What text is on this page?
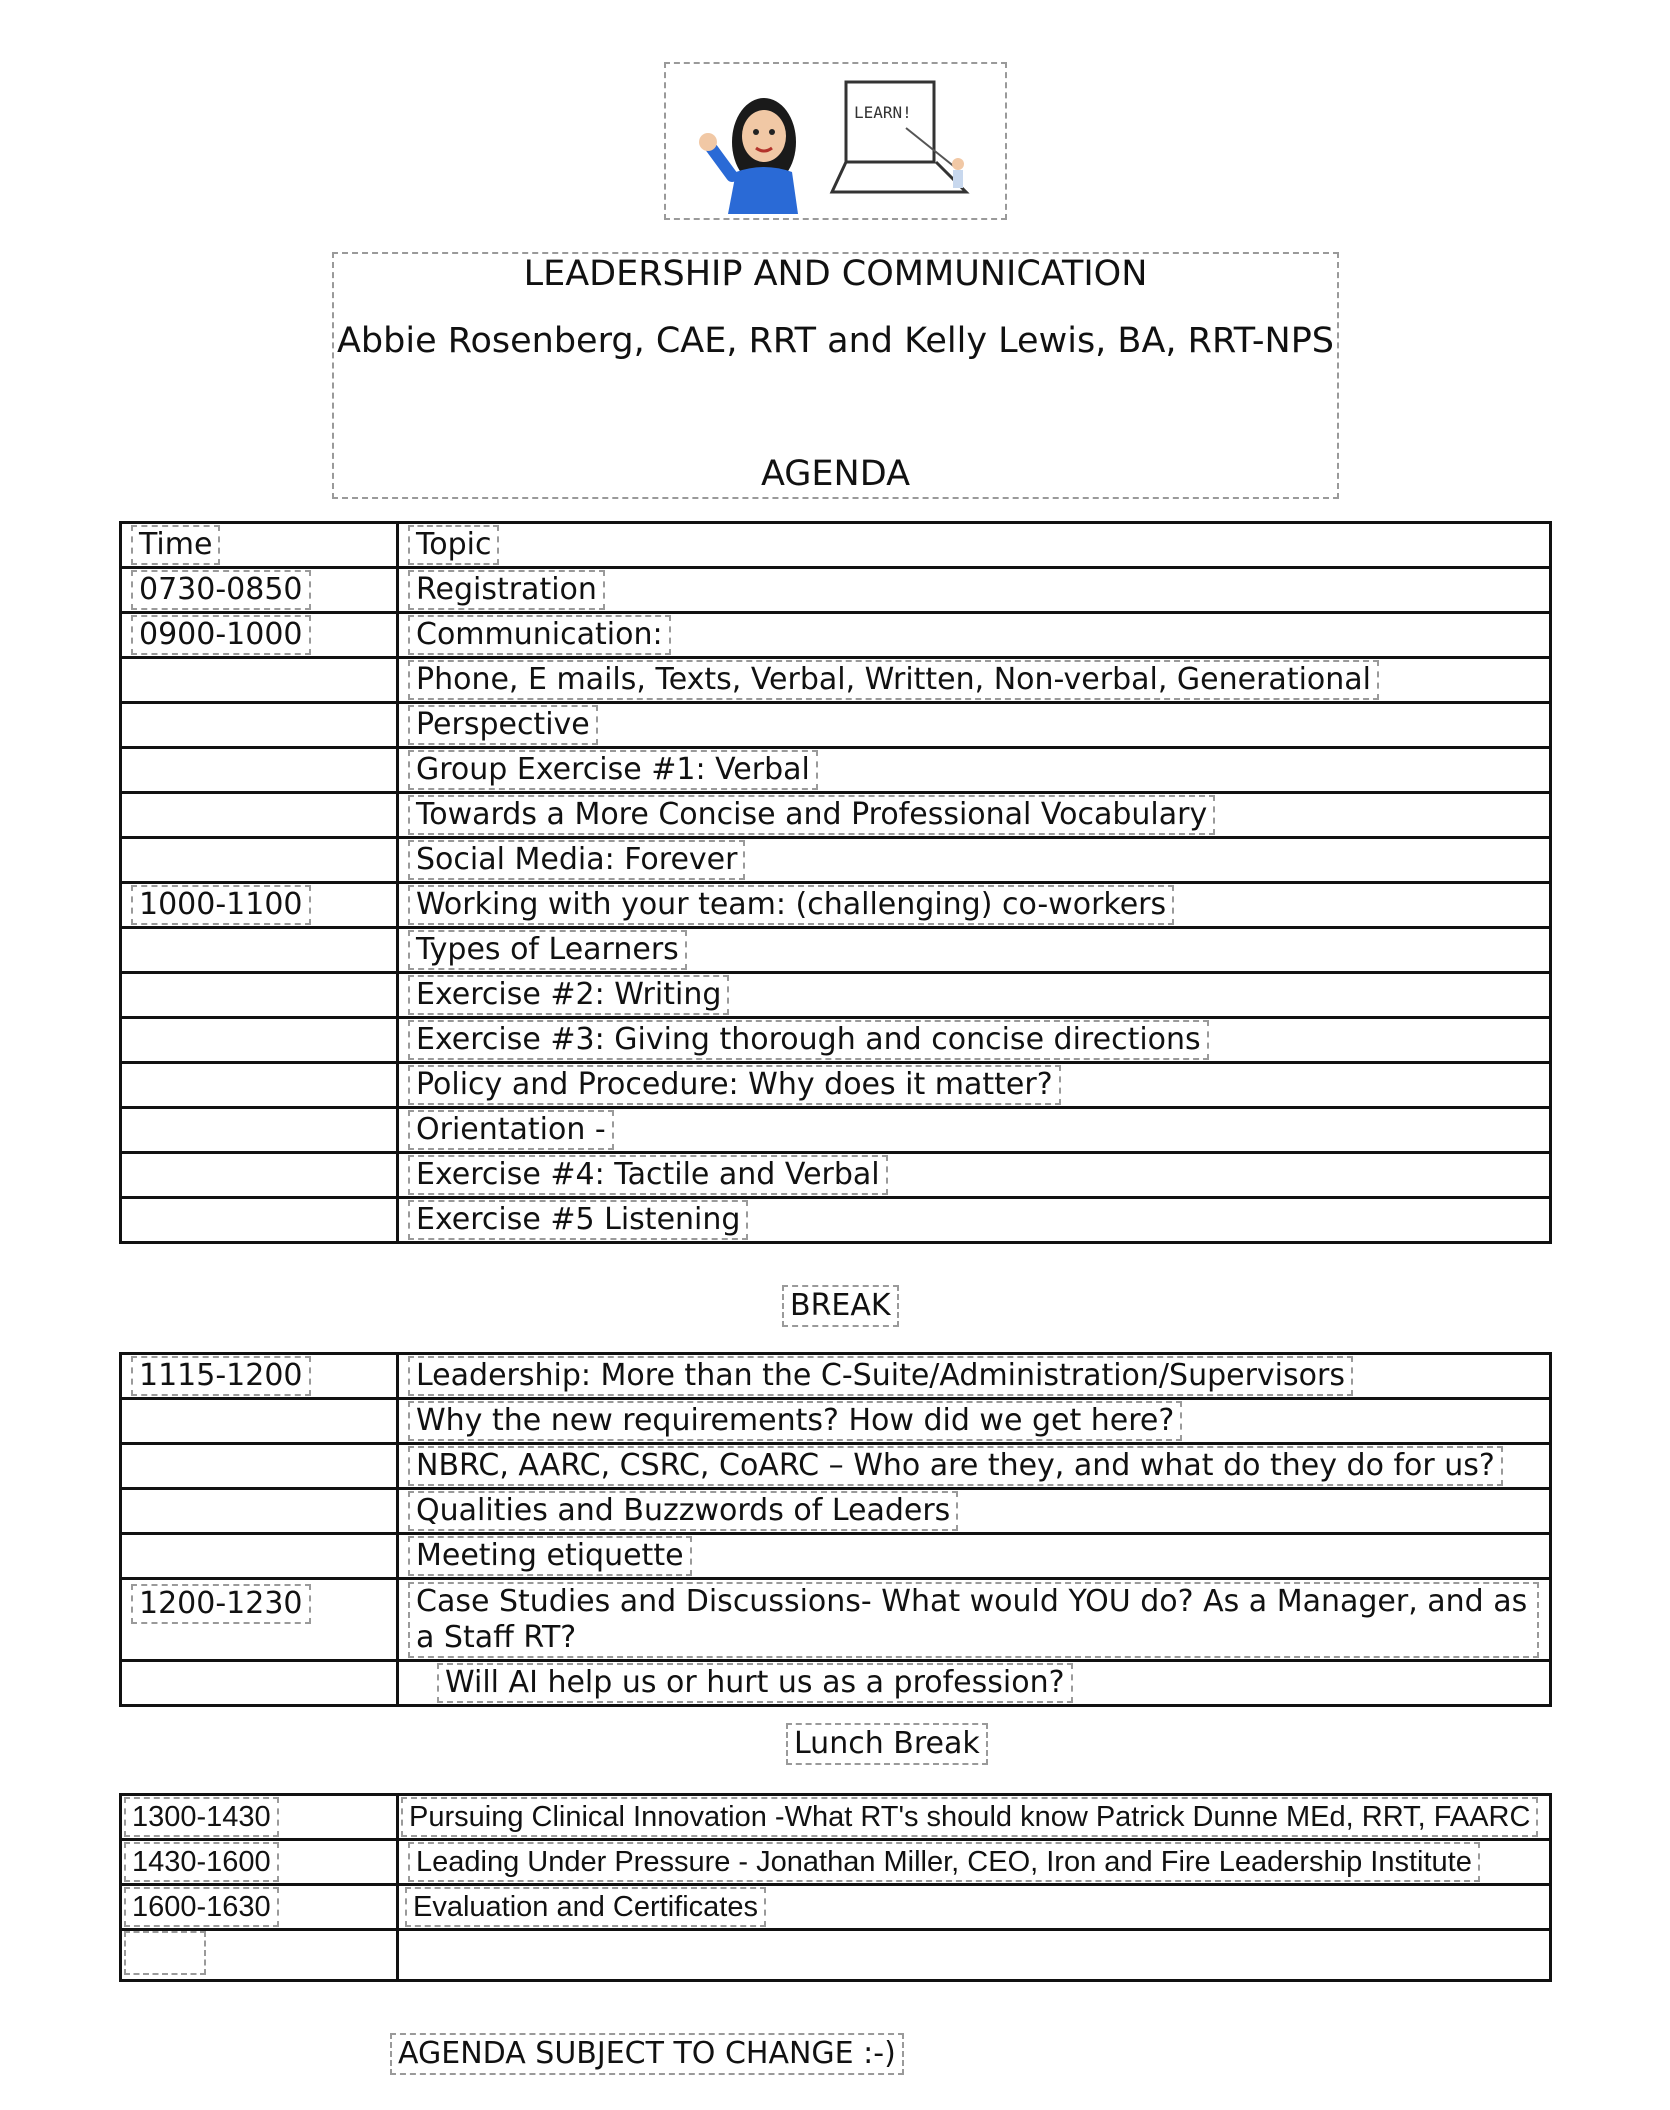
LEARN!
LEADERSHIP AND COMMUNICATION
Abbie Rosenberg, CAE, RRT and Kelly Lewis, BA, RRT-NPS
AGENDA
Time	Topic
0730-0850	Registration
0900-1000	Communication:
	Phone, E mails, Texts, Verbal, Written, Non-verbal, Generational
	Perspective
	Group Exercise #1: Verbal
	Towards a More Concise and Professional Vocabulary
	Social Media: Forever
1000-1100	Working with your team: (challenging) co-workers
	Types of Learners
	Exercise #2: Writing
	Exercise #3: Giving thorough and concise directions
	Policy and Procedure: Why does it matter?
	Orientation -
	Exercise #4: Tactile and Verbal
	Exercise #5 Listening
BREAK
1115-1200	Leadership: More than the C-Suite/Administration/Supervisors
	Why the new requirements? How did we get here?
	NBRC, AARC, CSRC, CoARC – Who are they, and what do they do for us?
	Qualities and Buzzwords of Leaders
	Meeting etiquette
1200-1230	Case Studies and Discussions- What would YOU do? As a Manager, and as a Staff RT?

	Will AI help us or hurt us as a profession?
Lunch Break
1300-1430	Pursuing Clinical Innovation -What RT's should know Patrick Dunne MEd, RRT, FAARC
1430-1600	Leading Under Pressure - Jonathan Miller, CEO, Iron and Fire Leadership Institute
1600-1630	Evaluation and Certificates

AGENDA SUBJECT TO CHANGE :-)
